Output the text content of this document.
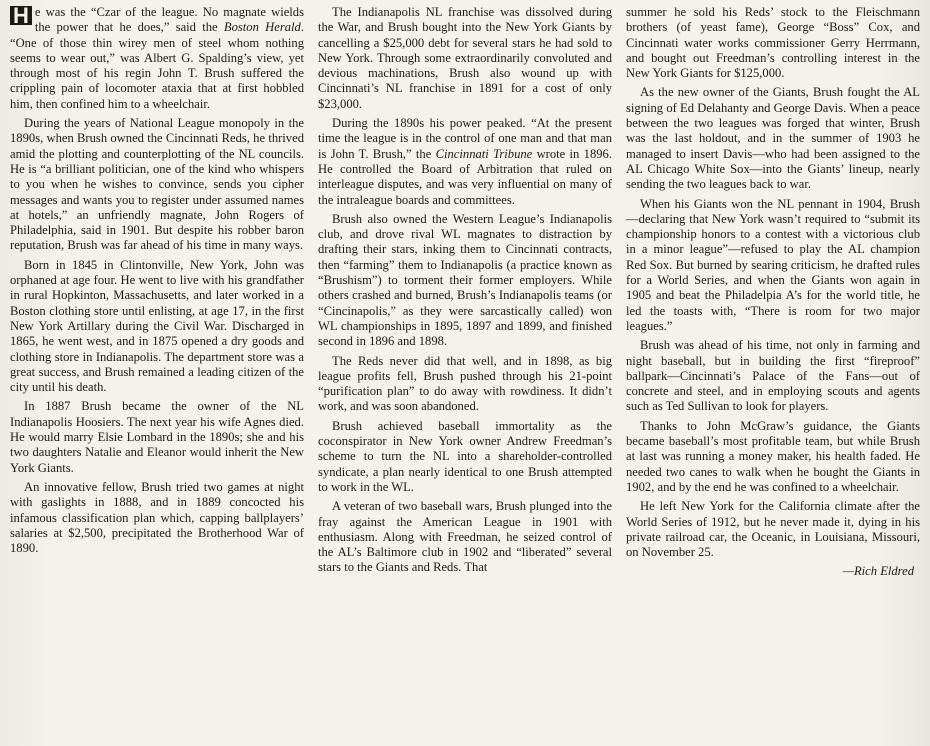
H e was the “Czar of the league. No magnate wields the power that he does,” said the Boston Herald. “One of those thin wirey men of steel whom nothing seems to wear out,” was Albert G. Spalding’s view, yet through most of his regin John T. Brush suffered the crippling pain of locomoter ataxia that at first hobbled him, then confined him to a wheelchair.

During the years of National League monopoly in the 1890s, when Brush owned the Cincinnati Reds, he thrived amid the plotting and counterplotting of the NL councils. He is “a brilliant politician, one of the kind who whispers to you when he wishes to convince, sends you cipher messages and wants you to register under assumed names at hotels,” an unfriendly magnate, John Rogers of Philadelphia, said in 1901. But despite his robber baron reputation, Brush was far ahead of his time in many ways.

Born in 1845 in Clintonville, New York, John was orphaned at age four. He went to live with his grandfather in rural Hopkinton, Massachusetts, and later worked in a Boston clothing store until enlisting, at age 17, in the first New York Artillary during the Civil War. Discharged in 1865, he went west, and in 1875 opened a dry goods and clothing store in Indianapolis. The department store was a great success, and Brush remained a leading citizen of the city until his death.

In 1887 Brush became the owner of the NL Indianapolis Hoosiers. The next year his wife Agnes died. He would marry Elsie Lombard in the 1890s; she and his two daughters Natalie and Eleanor would inherit the New York Giants.

An innovative fellow, Brush tried two games at night with gaslights in 1888, and in 1889 concocted his infamous classification plan which, capping ballplayers’ salaries at $2,500, precipitated the Brotherhood War of 1890.

The Indianapolis NL franchise was dissolved during the War, and Brush bought into the New York Giants by cancelling a $25,000 debt for several stars he had sold to New York. Through some extraordinarily convoluted and devious machinations, Brush also wound up with Cincinnati’s NL franchise in 1891 for a cost of only $23,000.

During the 1890s his power peaked. “At the present time the league is in the control of one man and that man is John T. Brush,” the Cincinnati Tribune wrote in 1896. He controlled the Board of Arbitration that ruled on interleague disputes, and was very influential on many of the intraleague boards and committees.

Brush also owned the Western League’s Indianapolis club, and drove rival WL magnates to distraction by drafting their stars, inking them to Cincinnati contracts, then “farming” them to Indianapolis (a practice known as “Brushism”) to torment their former employers. While others crashed and burned, Brush’s Indianapolis teams (or “Cincinapolis,” as they were sarcastically called) won WL championships in 1895, 1897 and 1899, and finished second in 1896 and 1898.

The Reds never did that well, and in 1898, as big league profits fell, Brush pushed through his 21-point “purification plan” to do away with rowdiness. It didn’t work, and was soon abandoned.

Brush achieved baseball immortality as the coconspirator in New York owner Andrew Freedman’s scheme to turn the NL into a shareholder-controlled syndicate, a plan nearly identical to one Brush attempted to work in the WL.

A veteran of two baseball wars, Brush plunged into the fray against the American League in 1901 with enthusiasm. Along with Freedman, he seized control of the AL’s Baltimore club in 1902 and “liberated” several stars to the Giants and Reds. That

summer he sold his Reds’ stock to the Fleischmann brothers (of yeast fame), George “Boss” Cox, and Cincinnati water works commissioner Gerry Herrmann, and bought out Freedman’s controlling interest in the New York Giants for $125,000.

As the new owner of the Giants, Brush fought the AL signing of Ed Delahanty and George Davis. When a peace between the two leagues was forged that winter, Brush was the last holdout, and in the summer of 1903 he managed to insert Davis—who had been assigned to the AL Chicago White Sox—into the Giants’ lineup, nearly sending the two leagues back to war.

When his Giants won the NL pennant in 1904, Brush—declaring that New York wasn’t required to “submit its championship honors to a contest with a victorious club in a minor league”—refused to play the AL champion Red Sox. But burned by searing criticism, he drafted rules for a World Series, and when the Giants won again in 1905 and beat the Philadelpia A’s for the world title, he led the toasts with, “There is room for two major leagues.”

Brush was ahead of his time, not only in farming and night baseball, but in building the first “fireproof” ballpark—Cincinnati’s Palace of the Fans—out of concrete and steel, and in employing scouts and agents such as Ted Sullivan to look for players.

Thanks to John McGraw’s guidance, the Giants became baseball’s most profitable team, but while Brush at last was running a money maker, his health faded. He needed two canes to walk when he bought the Giants in 1902, and by the end he was confined to a wheelchair.

He left New York for the California climate after the World Series of 1912, but he never made it, dying in his private railroad car, the Oceanic, in Louisiana, Missouri, on November 25.

—Rich Eldred
